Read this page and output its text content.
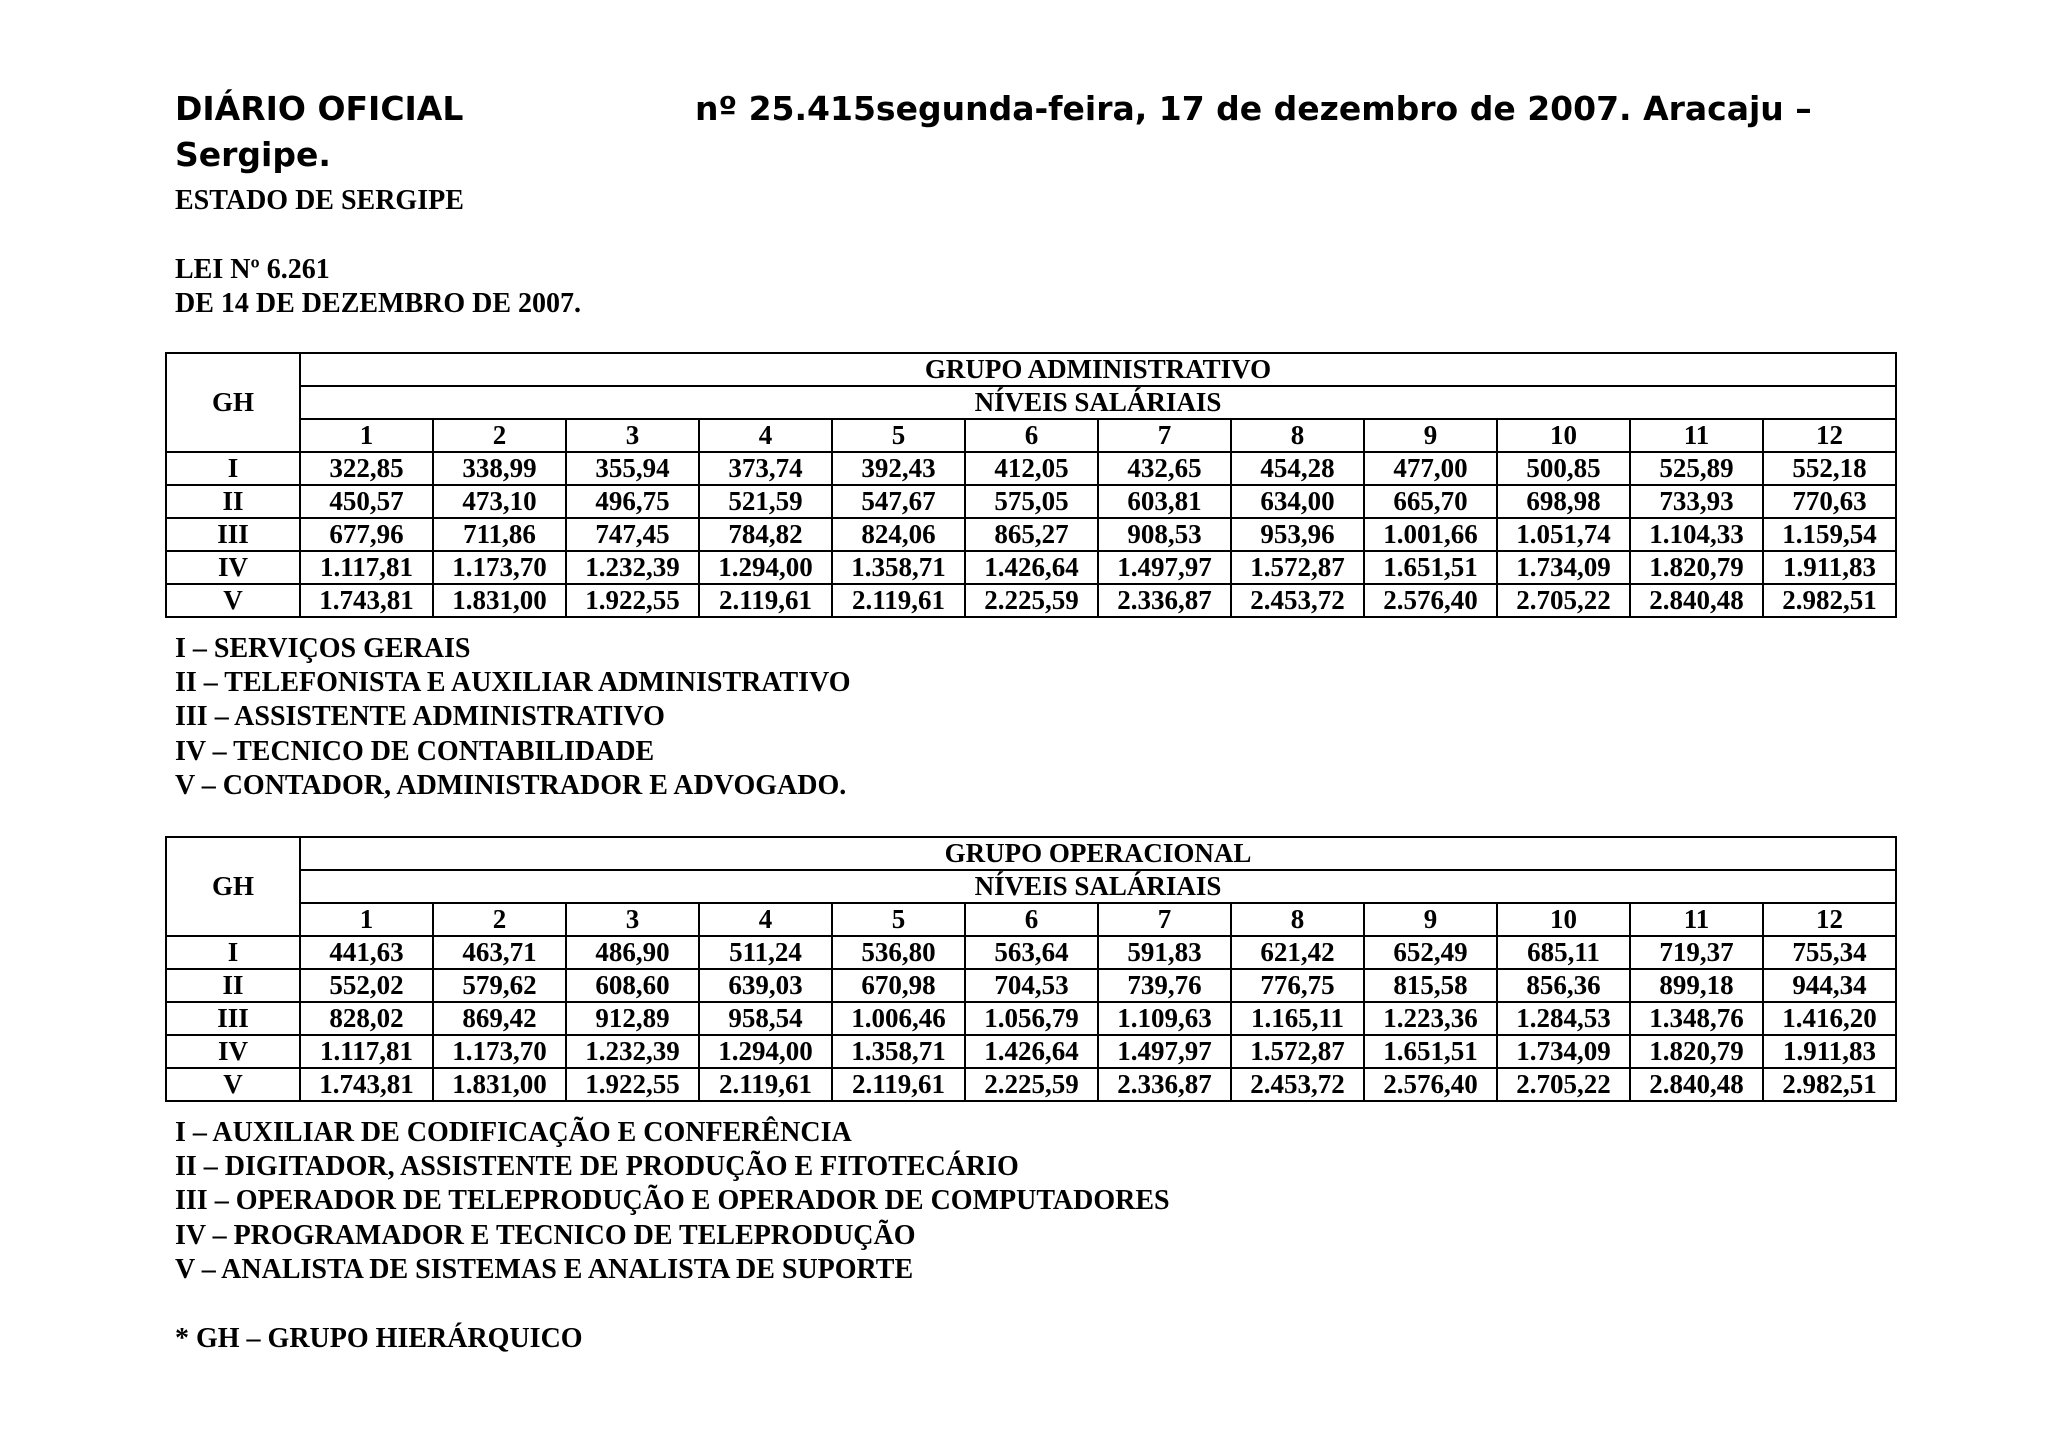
DIÁRIO OFICIAL	nº 25.415segunda-feira, 17 de dezembro de 2007. Aracaju –
Sergipe.
ESTADO DE SERGIPE
LEI Nº 6.261
DE 14 DE DEZEMBRO DE 2007.
GH	GRUPO ADMINISTRATIVO											
	NÍVEIS SALÁRIAIS											
	1	2	3	4	5	6	7	8	9	10	11	12
I	322,85	338,99	355,94	373,74	392,43	412,05	432,65	454,28	477,00	500,85	525,89	552,18
II	450,57	473,10	496,75	521,59	547,67	575,05	603,81	634,00	665,70	698,98	733,93	770,63
III	677,96	711,86	747,45	784,82	824,06	865,27	908,53	953,96	1.001,66	1.051,74	1.104,33	1.159,54
IV	1.117,81	1.173,70	1.232,39	1.294,00	1.358,71	1.426,64	1.497,97	1.572,87	1.651,51	1.734,09	1.820,79	1.911,83
V	1.743,81	1.831,00	1.922,55	2.119,61	2.119,61	2.225,59	2.336,87	2.453,72	2.576,40	2.705,22	2.840,48	2.982,51
I – SERVIÇOS GERAIS
II – TELEFONISTA E AUXILIAR ADMINISTRATIVO
III – ASSISTENTE ADMINISTRATIVO
IV – TECNICO DE CONTABILIDADE
V – CONTADOR, ADMINISTRADOR E ADVOGADO.
GH	GRUPO OPERACIONAL											
	NÍVEIS SALÁRIAIS											
	1	2	3	4	5	6	7	8	9	10	11	12
I	441,63	463,71	486,90	511,24	536,80	563,64	591,83	621,42	652,49	685,11	719,37	755,34
II	552,02	579,62	608,60	639,03	670,98	704,53	739,76	776,75	815,58	856,36	899,18	944,34
III	828,02	869,42	912,89	958,54	1.006,46	1.056,79	1.109,63	1.165,11	1.223,36	1.284,53	1.348,76	1.416,20
IV	1.117,81	1.173,70	1.232,39	1.294,00	1.358,71	1.426,64	1.497,97	1.572,87	1.651,51	1.734,09	1.820,79	1.911,83
V	1.743,81	1.831,00	1.922,55	2.119,61	2.119,61	2.225,59	2.336,87	2.453,72	2.576,40	2.705,22	2.840,48	2.982,51
I – AUXILIAR DE CODIFICAÇÃO E CONFERÊNCIA
II – DIGITADOR, ASSISTENTE DE PRODUÇÃO E FITOTECÁRIO
III – OPERADOR DE TELEPRODUÇÃO E OPERADOR DE COMPUTADORES
IV – PROGRAMADOR E TECNICO DE TELEPRODUÇÃO
V – ANALISTA DE SISTEMAS E ANALISTA DE SUPORTE
* GH – GRUPO HIERÁRQUICO
